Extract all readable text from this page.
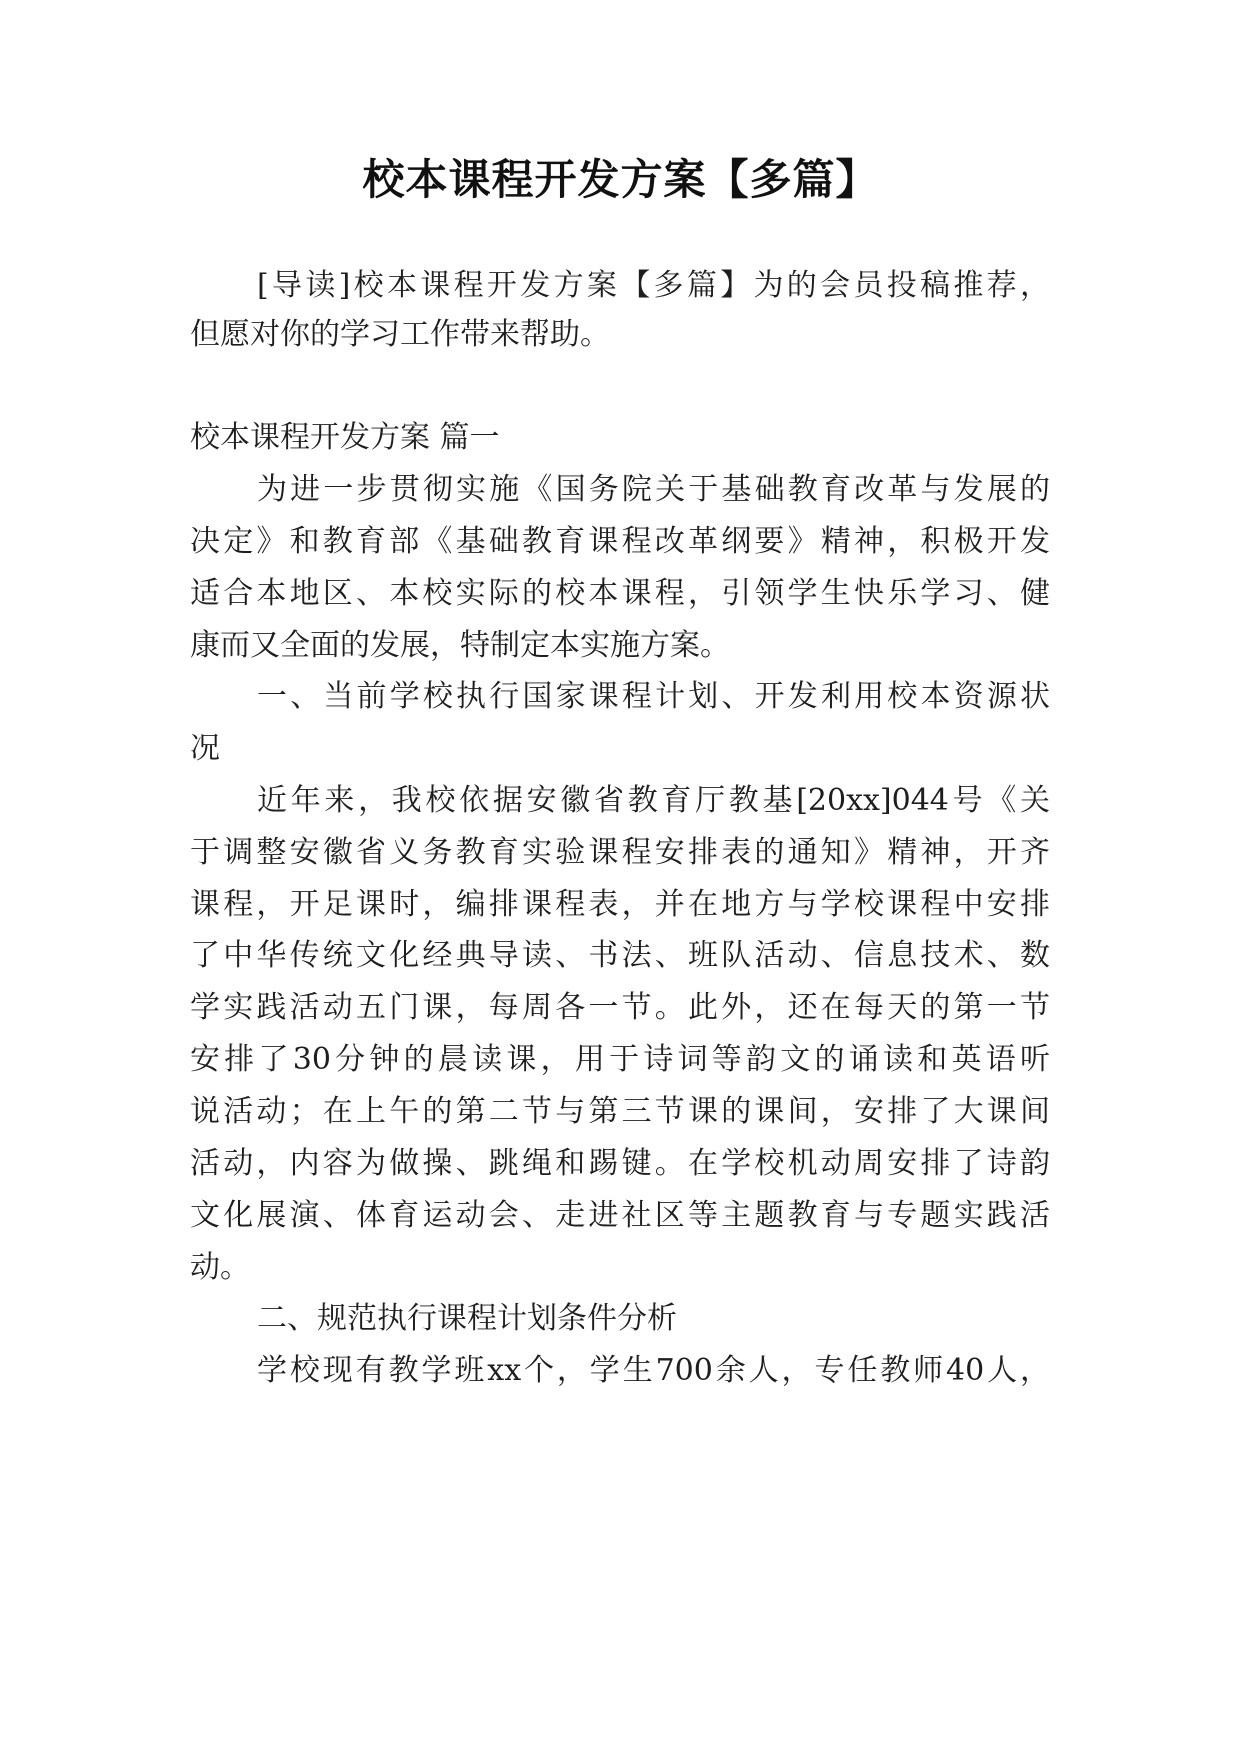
校本课程开发方案【多篇】
[导读]校本课程开发方案【多篇】为的会员投稿推荐，
但愿对你的学习工作带来帮助。
校本课程开发方案 篇一
为进一步贯彻实施《国务院关于基础教育改革与发展的
决定》和教育部《基础教育课程改革纲要》精神，积极开发
适合本地区、本校实际的校本课程，引领学生快乐学习、健
康而又全面的发展，特制定本实施方案。
一、当前学校执行国家课程计划、开发利用校本资源状
况
近年来，我校依据安徽省教育厅教基[20xx]044号《关
于调整安徽省义务教育实验课程安排表的通知》精神，开齐
课程，开足课时，编排课程表，并在地方与学校课程中安排
了中华传统文化经典导读、书法、班队活动、信息技术、数
学实践活动五门课，每周各一节。此外，还在每天的第一节
安排了30分钟的晨读课，用于诗词等韵文的诵读和英语听
说活动；在上午的第二节与第三节课的课间，安排了大课间
活动，内容为做操、跳绳和踢键。在学校机动周安排了诗韵
文化展演、体育运动会、走进社区等主题教育与专题实践活
动。
二、规范执行课程计划条件分析
学校现有教学班xx个，学生700余人，专任教师40人，
